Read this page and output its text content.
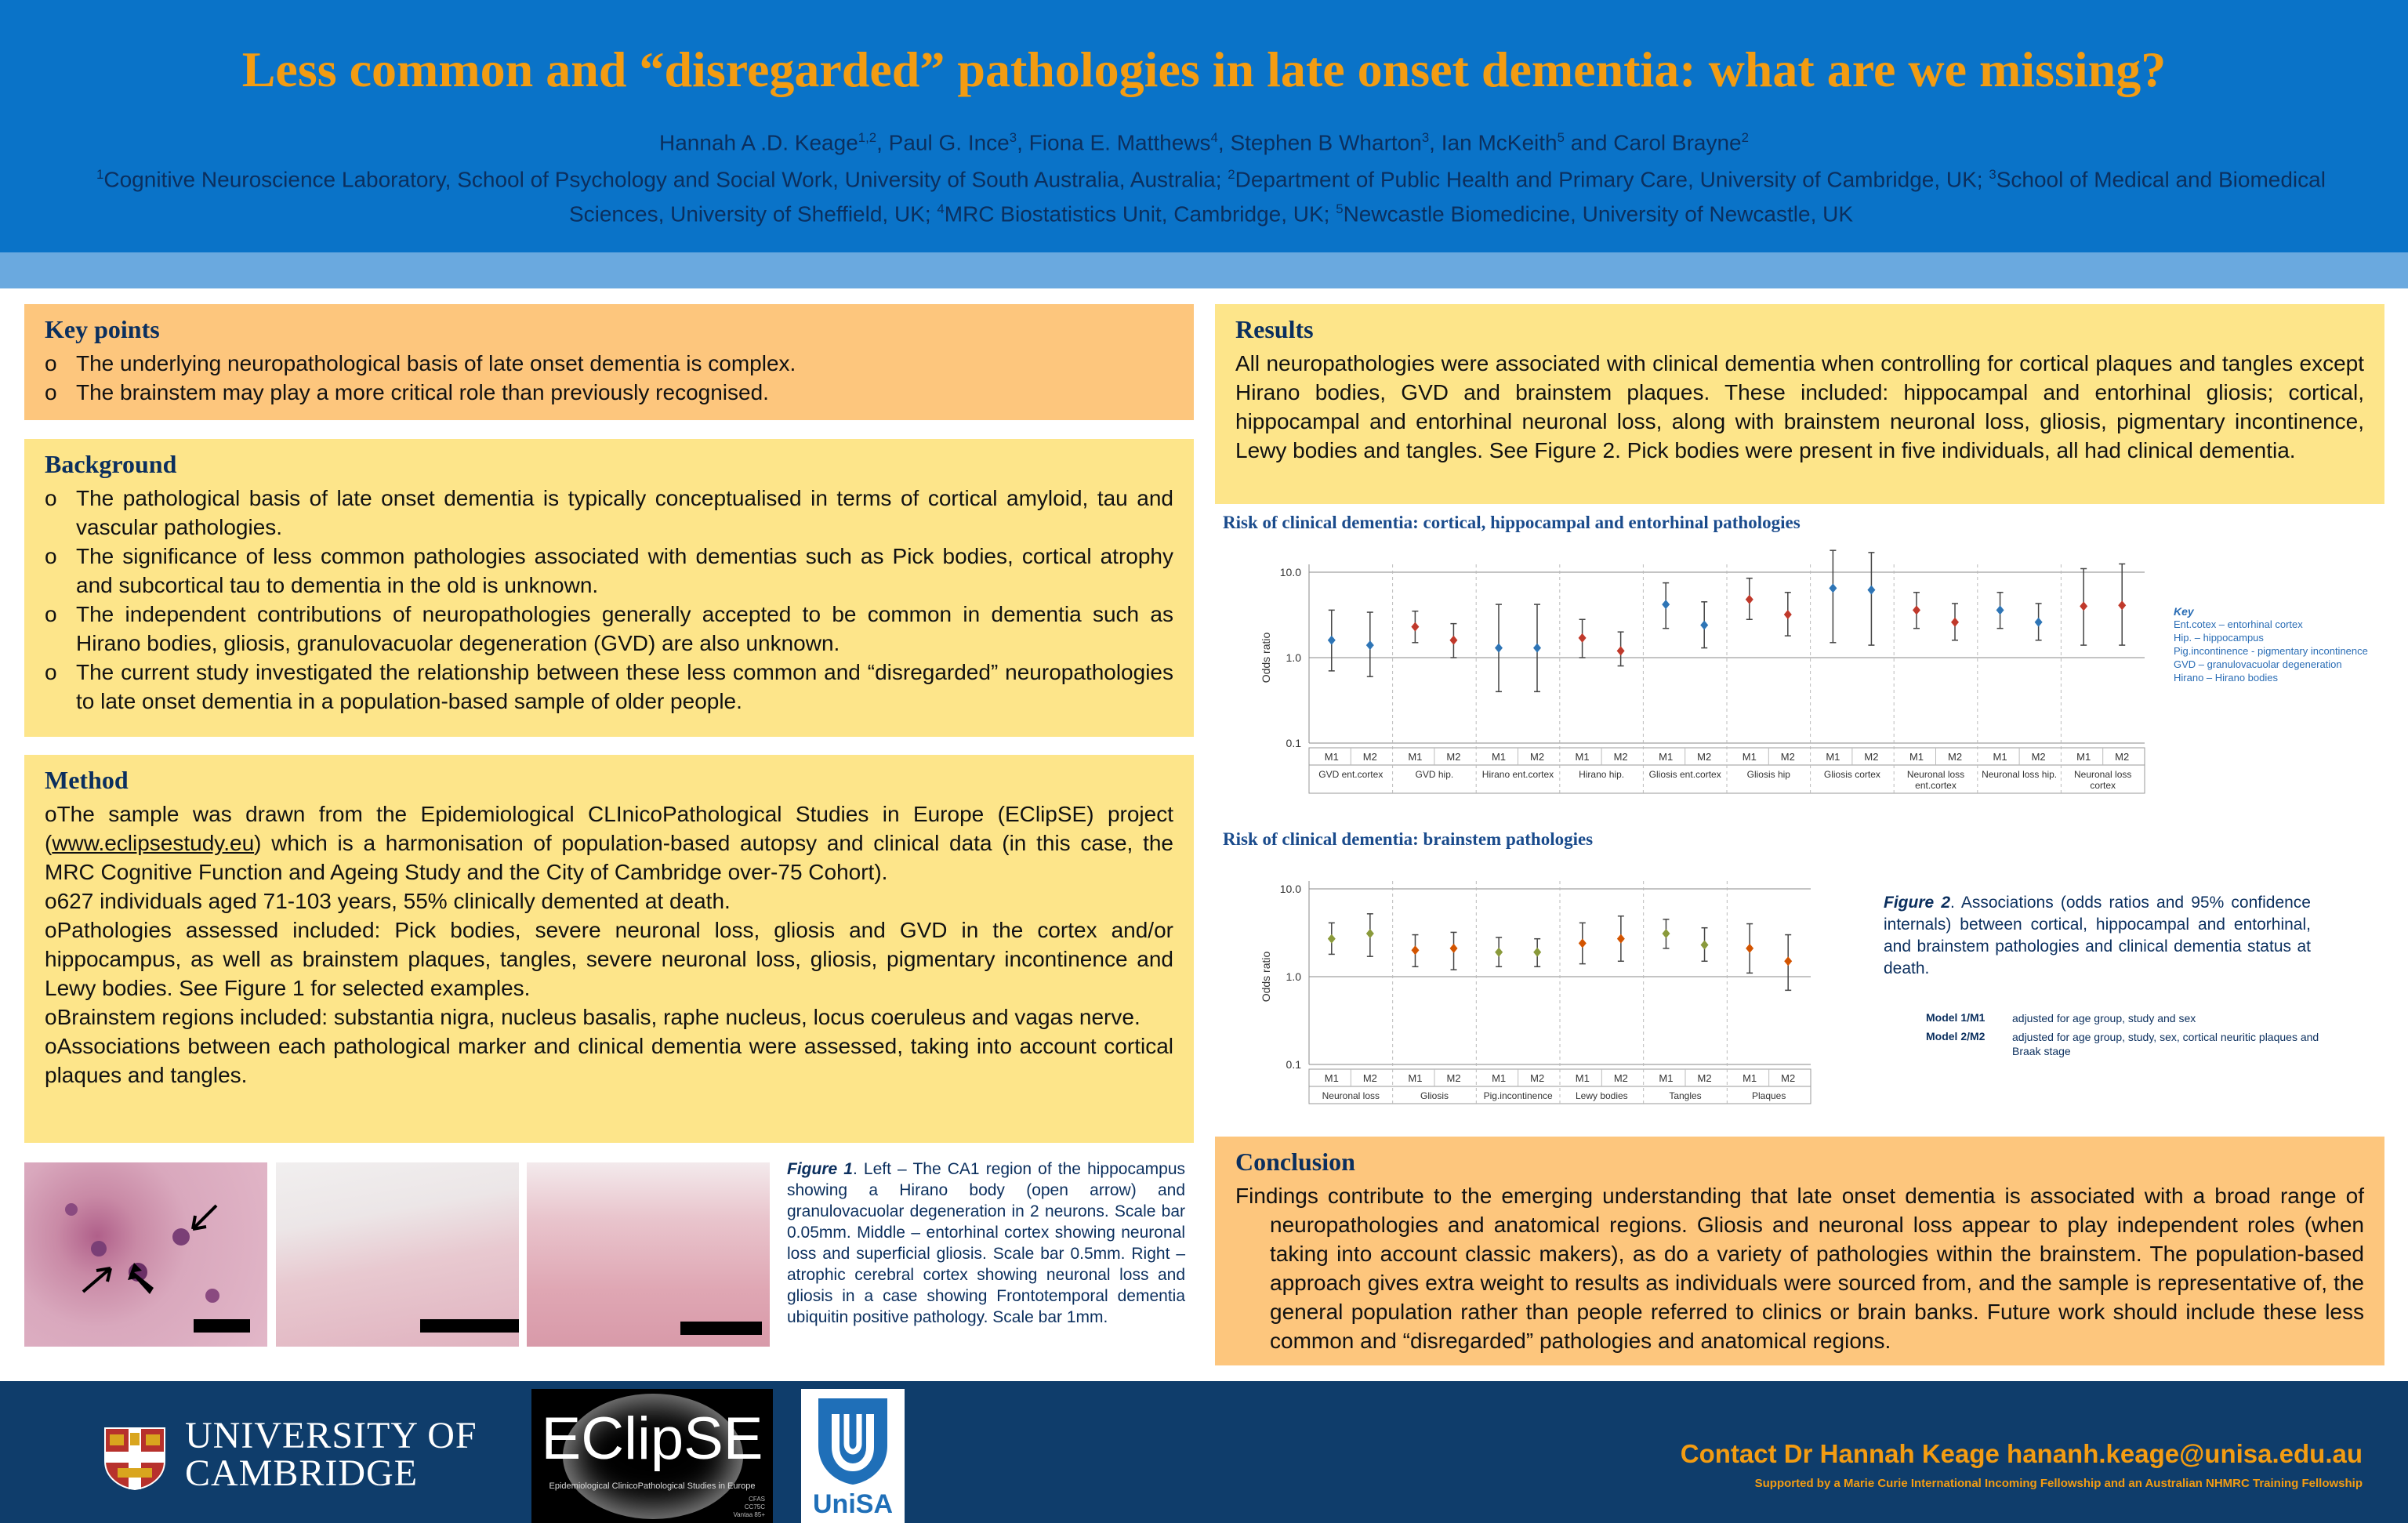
Less common and “disregarded” pathologies in late onset dementia: what are we missing?
Hannah A .D. Keage$^{1,2}$, Paul G. Ince$^3$, Fiona E. Matthews$^4$, Stephen B Wharton$^3$, Ian McKeith$^5$ and Carol Brayne$^2$
$^1$Cognitive Neuroscience Laboratory, School of Psychology and Social Work, University of South Australia, Australia; $^2$Department of Public Health and Primary Care, University of Cambridge, UK; $^3$School of Medical and Biomedical Sciences, University of Sheffield, UK; $^4$MRC Biostatistics Unit, Cambridge, UK; $^5$Newcastle Biomedicine, University of Newcastle, UK
Key points
o The underlying neuropathological basis of late onset dementia is complex.
o The brainstem may play a more critical role than previously recognised.
Background
o The pathological basis of late onset dementia is typically conceptualised in terms of cortical amyloid, tau and vascular pathologies.
o The significance of less common pathologies associated with dementias such as Pick bodies, cortical atrophy and subcortical tau to dementia in the old is unknown.
o The independent contributions of neuropathologies generally accepted to be common in dementia such as Hirano bodies, gliosis, granulovacuolar degeneration (GVD) are also unknown.
o The current study investigated the relationship between these less common and “disregarded” neuropathologies to late onset dementia in a population-based sample of older people.
Method
oThe sample was drawn from the Epidemiological CLInicoPathological Studies in Europe (EClipSE) project (www.eclipsestudy.eu) which is a harmonisation of population-based autopsy and clinical data (in this case, the MRC Cognitive Function and Ageing Study and the City of Cambridge over-75 Cohort).
o627 individuals aged 71-103 years, 55% clinically demented at death.
oPathologies assessed included: Pick bodies, severe neuronal loss, gliosis and GVD in the cortex and/or hippocampus, as well as brainstem plaques, tangles, severe neuronal loss, gliosis, pigmentary incontinence and Lewy bodies. See Figure 1 for selected examples.
oBrainstem regions included: substantia nigra, nucleus basalis, raphe nucleus, locus coeruleus and vagas nerve.
oAssociations between each pathological marker and clinical dementia were assessed, taking into account cortical plaques and tangles.
Figure 1. Left – The CA1 region of the hippocampus showing a Hirano body (open arrow) and granulovacuolar degeneration in 2 neurons. Scale bar 0.05mm. Middle – entorhinal cortex showing neuronal loss and superficial gliosis. Scale bar 0.5mm. Right – atrophic cerebral cortex showing neuronal loss and gliosis in a case showing Frontotemporal dementia ubiquitin positive pathology. Scale bar 1mm.
Results

All neuropathologies were associated with clinical dementia when controlling for cortical plaques and tangles except Hirano bodies, GVD and brainstem plaques. These included: hippocampal and entorhinal gliosis; cortical, hippocampal and entorhinal neuronal loss, along with brainstem neuronal loss, gliosis, pigmentary incontinence, Lewy bodies and tangles. See Figure 2. Pick bodies were present in five individuals, all had clinical dementia.

Risk of clinical dementia: cortical, hippocampal and entorhinal pathologies
10.0
1.0
0.1
Odds ratio
M1 M2
GVD ent.cortex
M1 M2
GVD hip.
M1 M2
Hirano ent.cortex
M1 M2
Hirano hip.
M1 M2
Gliosis ent.cortex
M1 M2
Gliosis hip
M1 M2
Gliosis cortex
M1 M2
Neuronal loss
ent.cortex
M1 M2
Neuronal loss hip.
M1 M2
Neuronal loss
cortex
Key
Ent.cotex – entorhinal cortex
Hip. – hippocampus
Pig.incontinence - pigmentary incontinence
GVD – granulovacuolar degeneration
Hirano – Hirano bodies
Risk of clinical dementia: brainstem pathologies
10.0
1.0
0.1
Odds ratio
M1 M2
Neuronal loss
M1 M2
Gliosis
M1 M2
Pig.incontinence
M1 M2
Lewy bodies
M1 M2
Tangles
M1 M2
Plaques
Figure 2. Associations (odds ratios and 95% confidence internals) between cortical, hippocampal and entorhinal, and brainstem pathologies and clinical dementia status at death.
Model 1/M1	adjusted for age group, study and sex
Model 2/M2	adjusted for age group, study, sex, cortical neuritic plaques and Braak stage
Conclusion

Findings contribute to the emerging understanding that late onset dementia is associated with a broad range of neuropathologies and anatomical regions. Gliosis and neuronal loss appear to play independent roles (when taking into account classic makers), as do a variety of pathologies within the brainstem. The population-based approach gives extra weight to results as individuals were sourced from, and the sample is representative of, the general population rather than people referred to clinics or brain banks. Future work should include these less common and “disregarded” pathologies and anatomical regions.

UNIVERSITY OF
CAMBRIDGE
EClipSE
Epidemiological ClinicoPathological Studies in Europe
CFAS
CC75C
Vantaa 85+	UniSA
Contact Dr Hannah Keage hananh.keage@unisa.edu.au
Supported by a Marie Curie International Incoming Fellowship and an Australian NHMRC Training Fellowship
